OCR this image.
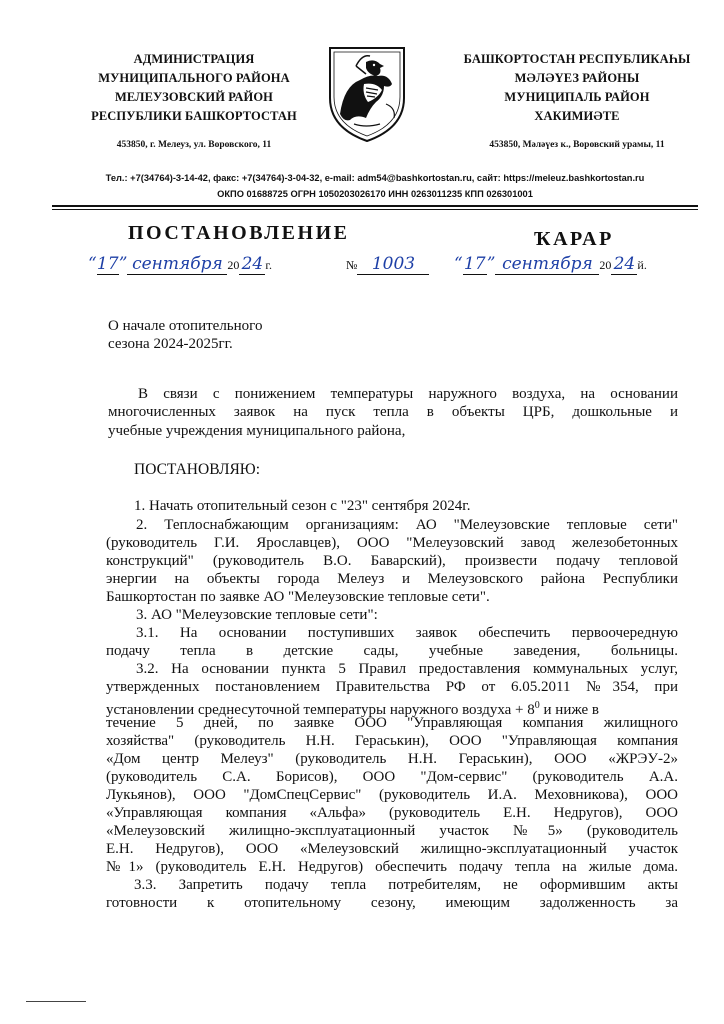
АДМИНИСТРАЦИЯ
МУНИЦИПАЛЬНОГО РАЙОНА
МЕЛЕУЗОВСКИЙ РАЙОН
РЕСПУБЛИКИ БАШКОРТОСТАН
453850, г. Мелеуз, ул. Воровского, 11
БАШКОРТОСТАН РЕСПУБЛИКАҺЫ
МӘЛӘҮЕЗ РАЙОНЫ
МУНИЦИПАЛЬ РАЙОН
ХАКИМИӘТЕ
453850, Мәләүез к., Воровский урамы, 11
Тел.: +7(34764)-3-14-42, факс: +7(34764)-3-04-32, e-mail: adm54@bashkortostan.ru, сайт: https://meleuz.bashkortostan.ru
ОКПО 01688725 ОГРН 1050203026170 ИНН 0263011235 КПП 026301001
ПОСТАНОВЛЕНИЕ	ҠАРАР
“17” сентября 20 24 г.	№ 1003	“17” сентября 20 24 й.
О начале отопительного
сезона 2024-2025гг.
В связи с понижением температуры наружного воздуха, на основании
многочисленных заявок на пуск тепла в объекты ЦРБ, дошкольные и
учебные учреждения муниципального района,
ПОСТАНОВЛЯЮ:
1. Начать отопительный сезон с "23" сентября 2024г.
2. Теплоснабжающим организациям: АО "Мелеузовские тепловые сети"
(руководитель Г.И. Ярославцев), ООО "Мелеузовский завод железобетонных
конструкций" (руководитель В.О. Баварский), произвести подачу тепловой
энергии на объекты города Мелеуз и Мелеузовского района Республики
Башкортостан по заявке АО "Мелеузовские тепловые сети".
3. АО "Мелеузовские тепловые сети":
3.1. На основании поступивших заявок обеспечить первоочередную
подачу тепла в детские сады, учебные заведения, больницы.
3.2. На основании пункта 5 Правил предоставления коммунальных услуг,
утвержденных постановлением Правительства РФ от 6.05.2011 №354, при
установлении среднесуточной температуры наружного воздуха + $8^0$ и ниже в
течение 5 дней, по заявке ООО "Управляющая компания жилищного
хозяйства" (руководитель Н.Н. Гераськин), ООО "Управляющая компания
«Дом центр Мелеуз" (руководитель Н.Н. Гераськин), ООО «ЖРЭУ-2»
(руководитель С.А. Борисов), ООО "Дом-сервис" (руководитель А.А.
Лукьянов), ООО "ДомСпецСервис" (руководитель И.А. Меховникова), ООО
«Управляющая компания «Альфа» (руководитель Е.Н. Недругов), ООО
«Мелеузовский жилищно-эксплуатационный участок №5» (руководитель
Е.Н. Недругов), ООО «Мелеузовский жилищно-эксплуатационный участок
№1» (руководитель Е.Н. Недругов) обеспечить подачу тепла на жилые дома.
3.3. Запретить подачу тепла потребителям, не оформившим акты
готовности к отопительному сезону, имеющим задолженность за
